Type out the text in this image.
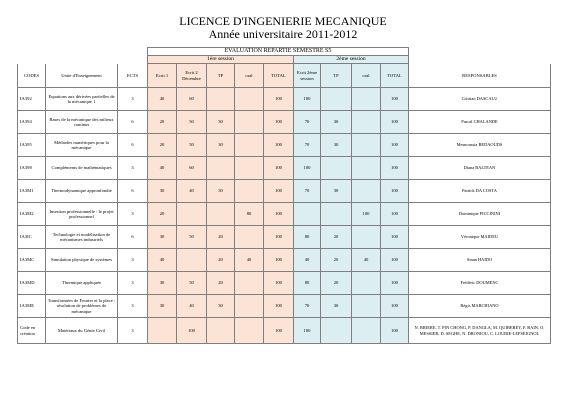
LICENCE D'INGENIERIE MECANIQUE
Année universitaire 2011-2012
			EVALUATION REPARTIE SEMESTRE S5									
			1ère session					2ème session				
CODES	Unité d'Enseignement	ECTS	Ecrit 1	Ecrit 2 Décembre	TP	oral	TOTAL	Ecrit 2ème session	TP	oral	TOTAL	RESPONSABLES
IA392	Equations aux dérivées partielles de la mécanique 1	3	40	60			100	100			100	Cristian DASCALU
IA394	Bases de la mécanique des milieux continus	6	20	50	30		100	70	30		100	Pascal CHALANDE
IA395	Méthodes numériques pour la mécanique	6	20	50	30		100	70	30		100	Mesnoussia BEDAOUDS
IA398	Compléments de mathématiques	3	40	60			100	100			100	Diana BALTEAN
IA3M1	Thermodynamique appronfondie	6	30	40	30		100	70	30		100	Patrick DA COSTA
IA3M2	Insertion professionnelle : le projet professionnel	3	20			80	100			100	100	Dominique PICCININI
IA3IC	Technologie et modélisation de mécanismes industriels	6	30	50	20		100	80	20		100	Véronique MAIDEU
IA3MC	Simulation physique de systèmes	3	40		20	40	100	40	20	40	100	Sinan HAIDO
IA3MD	Thermique appliquée	3	30	50	20		100	80	20		100	Frédéric DOUMENC
IA3ME	Transformées de Fourier et la place : résolution de problèmes de mécanique	3	30	40	30		100	70	30		100	Régis MARCHIANO
Code en création	Matériaux du Génie Civil	3		100			100	100			100	N. BRIERE, T. PIN CHONG, P. DANGLA, M. QUIBEREY, F. BAIN, O. MESSIER, D. SEGHE, N. DRONIOU, C. LOUBIE-LEPSEIGNOL
